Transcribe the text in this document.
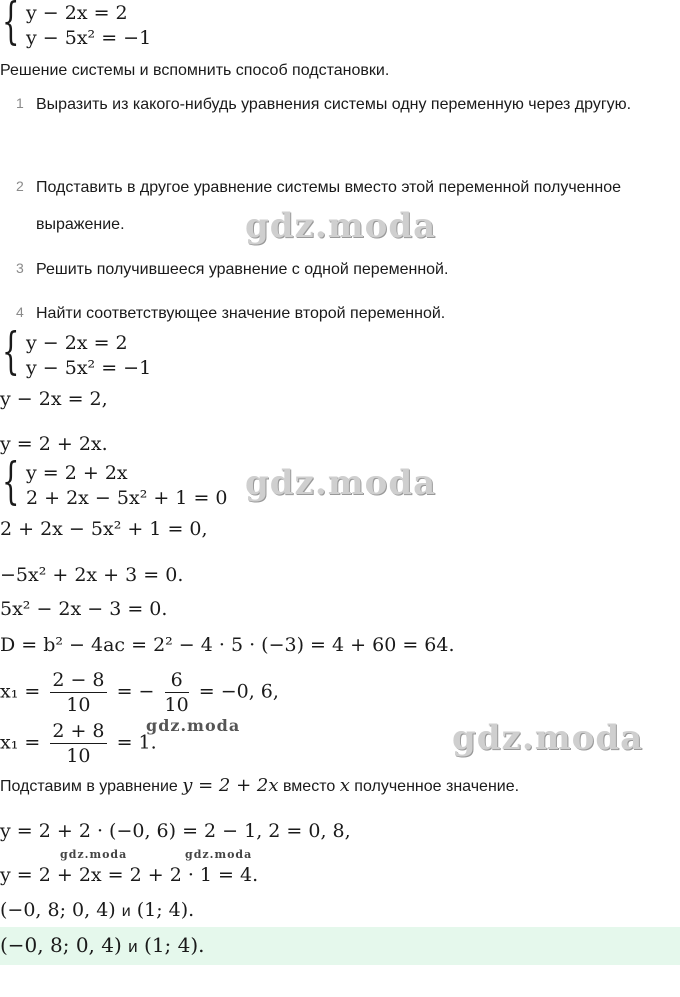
{ y − 2x = 2
y − 5x² = −1
Решение системы и вспомнить способ подстановки.
1 Выразить из какого-нибудь уравнения системы одну переменную через другую.
2 Подставить в другое уравнение системы вместо этой переменной полученное выражение.
3 Решить получившееся уравнение с одной переменной.
4 Найти соответствующее значение второй переменной.
{ y − 2x = 2
y − 5x² = −1
y − 2x = 2,
y = 2 + 2x.
{ y = 2 + 2x
2 + 2x − 5x² + 1 = 0
2 + 2x − 5x² + 1 = 0,
−5x² + 2x + 3 = 0.
5x² − 2x − 3 = 0.
D = b² − 4ac = 2² − 4 · 5 · (−3) = 4 + 60 = 64.
$x_1 = \frac{2 - 8}{10}$ = − $\frac{6}{10} = -0$, 6,
$x_1 = \frac{2 + 8}{10} = 1$.
Подставим в уравнение y = 2 + 2x вместо x полученное значение.
y = 2 + 2 · (−0, 6) = 2 − 1, 2 = 0, 8,
y = 2 + 2x = 2 + 2 · 1 = 4.
(−0, 8; 0, 4) и (1; 4).
(−0, 8; 0, 4) и (1; 4).
gdz.moda
gdz.moda
gdz.moda
gdz.moda
gdz.moda	gdz.moda
